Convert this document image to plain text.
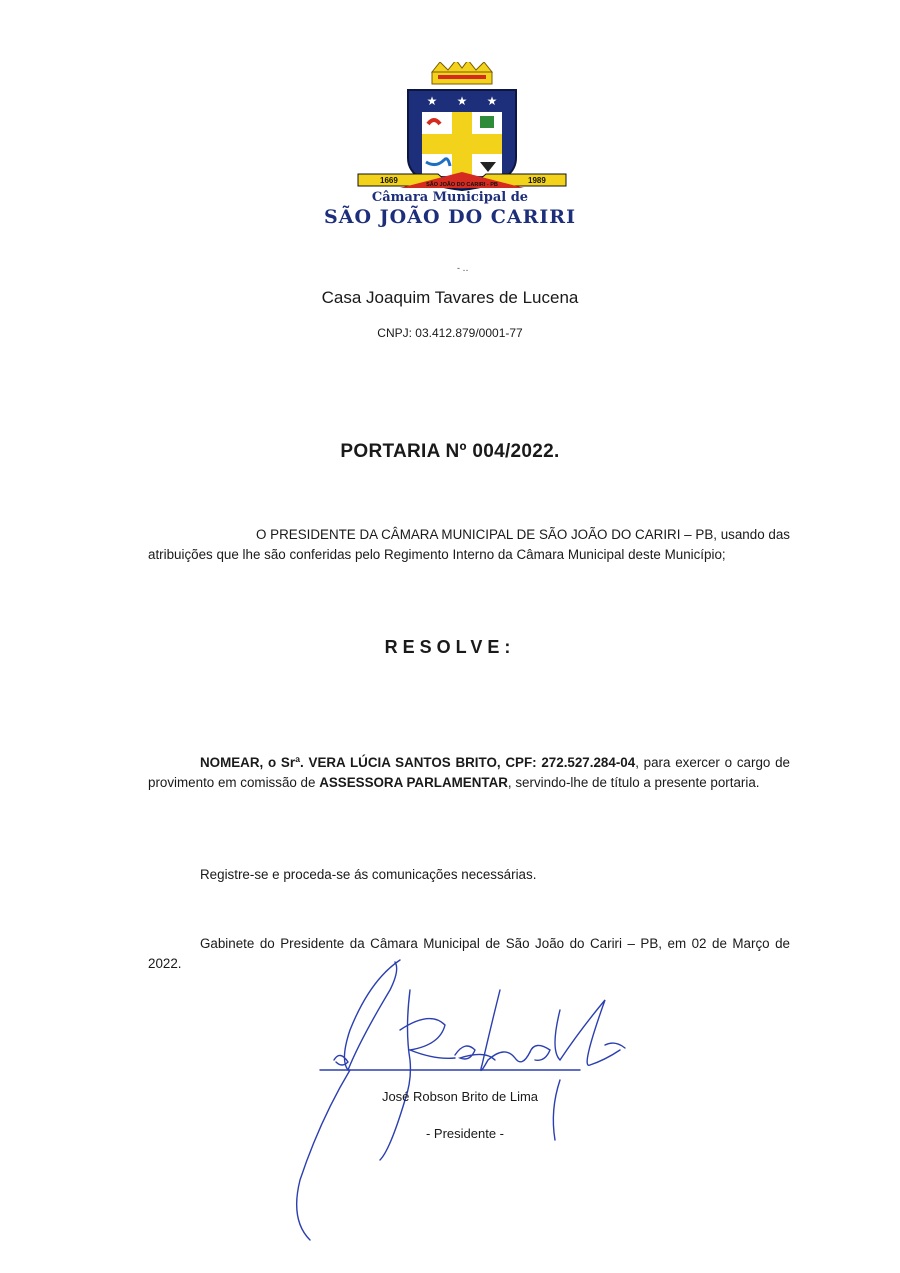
★ ★ ★
1669	1989
SÃO JOÃO DO CARIRI - PB
Câmara Municipal de
SÃO JOÃO DO CARIRI
- ‥
Casa Joaquim Tavares de Lucena
CNPJ: 03.412.879/0001-77
PORTARIA Nº 004/2022.
O PRESIDENTE DA CÂMARA MUNICIPAL DE SÃO JOÃO DO CARIRI – PB, usando das atribuições que lhe são conferidas pelo Regimento Interno da Câmara Municipal deste Município;
RESOLVE:
NOMEAR, o Srª. VERA LÚCIA SANTOS BRITO, CPF: 272.527.284-04, para exercer o cargo de provimento em comissão de ASSESSORA PARLAMENTAR, servindo-lhe de título a presente portaria.
Registre-se e proceda-se ás comunicações necessárias.
Gabinete do Presidente da Câmara Municipal de São João do Cariri – PB, em 02 de Março de 2022.
José Robson Brito de Lima
- Presidente -
